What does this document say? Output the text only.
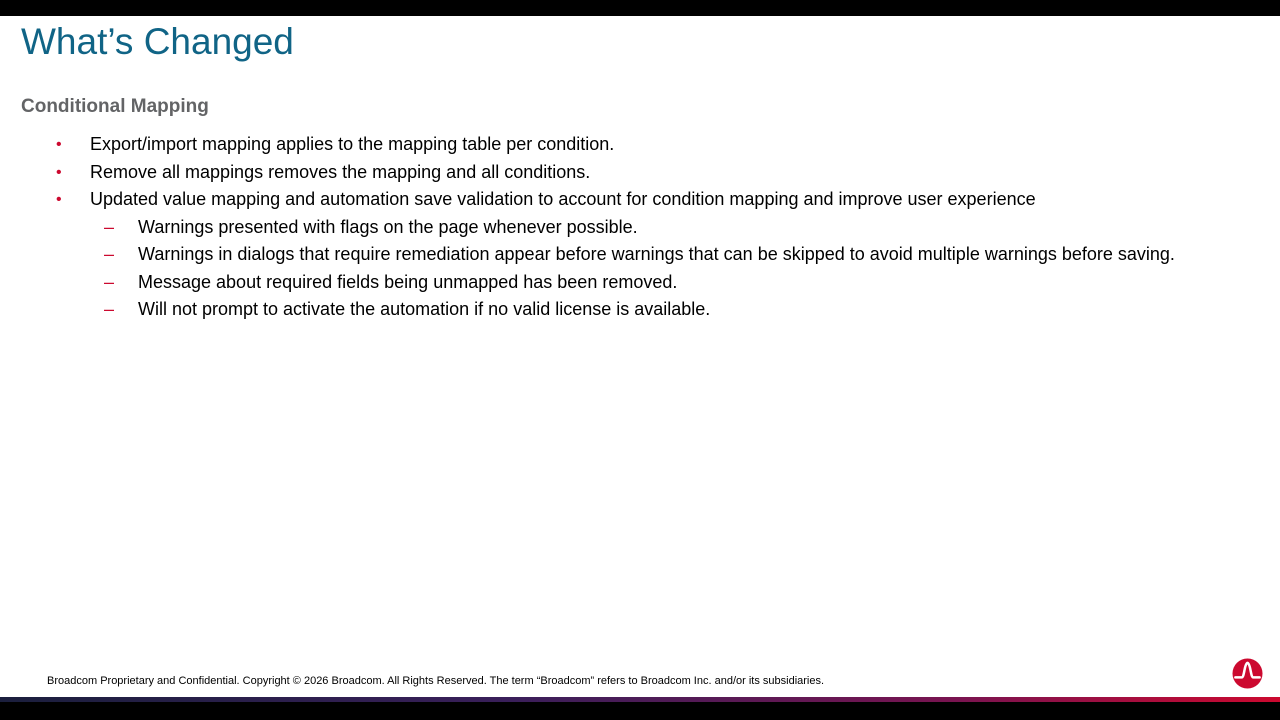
What’s Changed
Conditional Mapping
• Export/import mapping applies to the mapping table per condition.
• Remove all mappings removes the mapping and all conditions.
• Updated value mapping and automation save validation to account for condition mapping and improve user experience
– Warnings presented with flags on the page whenever possible.
– Warnings in dialogs that require remediation appear before warnings that can be skipped to avoid multiple warnings before saving.
– Message about required fields being unmapped has been removed.
– Will not prompt to activate the automation if no valid license is available.
Broadcom Proprietary and Confidential. Copyright © 2026 Broadcom. All Rights Reserved. The term “Broadcom” refers to Broadcom Inc. and/or its subsidiaries.
